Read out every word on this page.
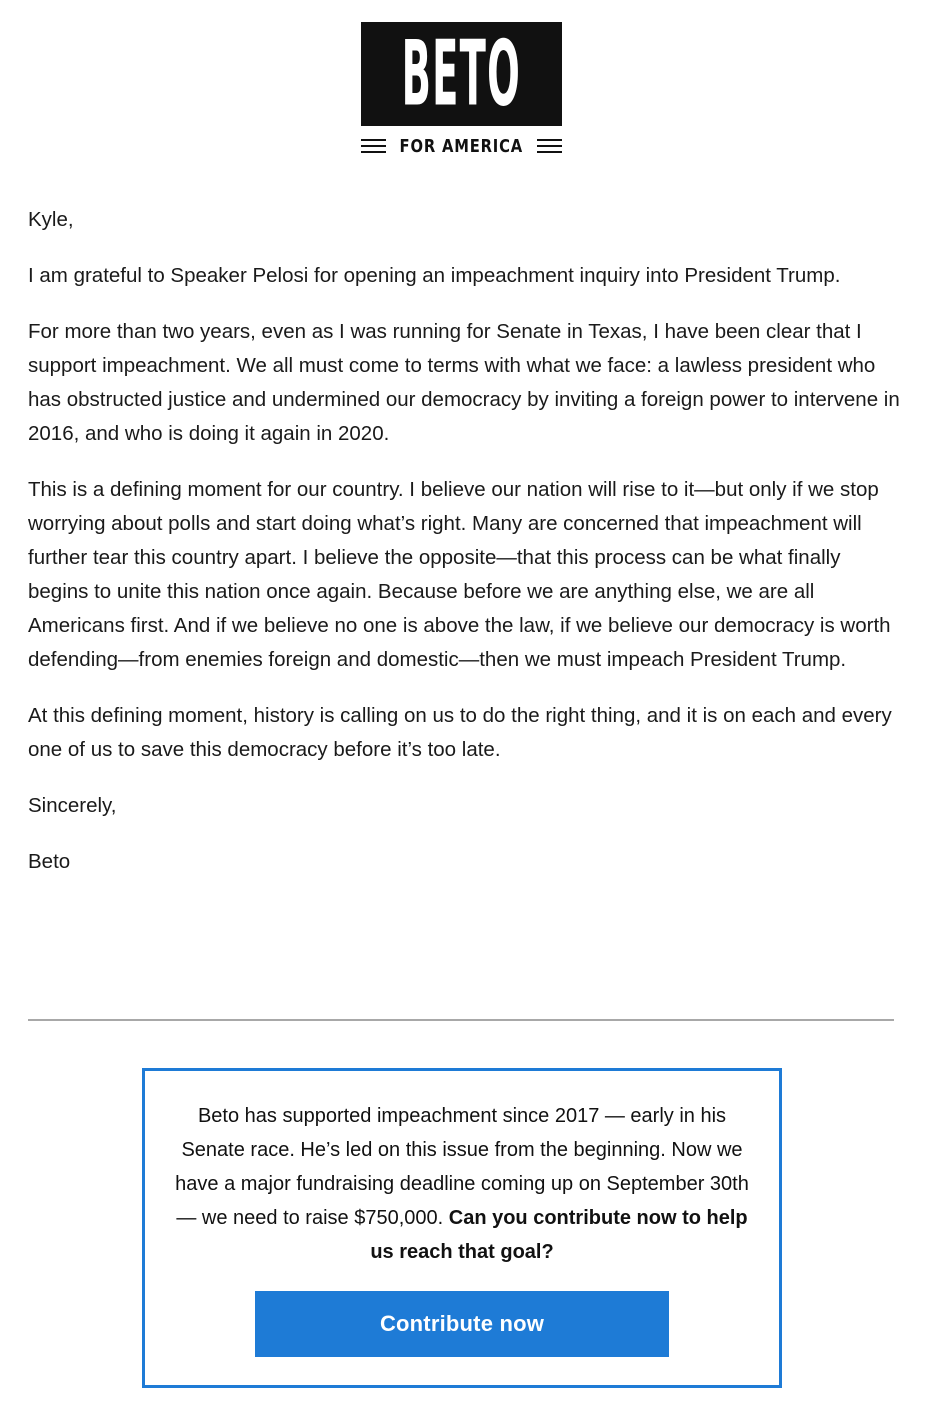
BETO
FOR AMERICA

Kyle,

I am grateful to Speaker Pelosi for opening an impeachment inquiry into President Trump.

For more than two years, even as I was running for Senate in Texas, I have been clear that I support impeachment. We all must come to terms with what we face: a lawless president who has obstructed justice and undermined our democracy by inviting a foreign power to intervene in 2016, and who is doing it again in 2020.

This is a defining moment for our country. I believe our nation will rise to it—but only if we stop worrying about polls and start doing what’s right. Many are concerned that impeachment will further tear this country apart. I believe the opposite—that this process can be what finally begins to unite this nation once again. Because before we are anything else, we are all Americans first. And if we believe no one is above the law, if we believe our democracy is worth defending—from enemies foreign and domestic—then we must impeach President Trump.

At this defining moment, history is calling on us to do the right thing, and it is on each and every one of us to save this democracy before it’s too late.

Sincerely,

Beto

Beto has supported impeachment since 2017 — early in his Senate race. He’s led on this issue from the beginning. Now we have a major fundraising deadline coming up on September 30th — we need to raise $750,000. Can you contribute now to help us reach that goal?
Contribute now
